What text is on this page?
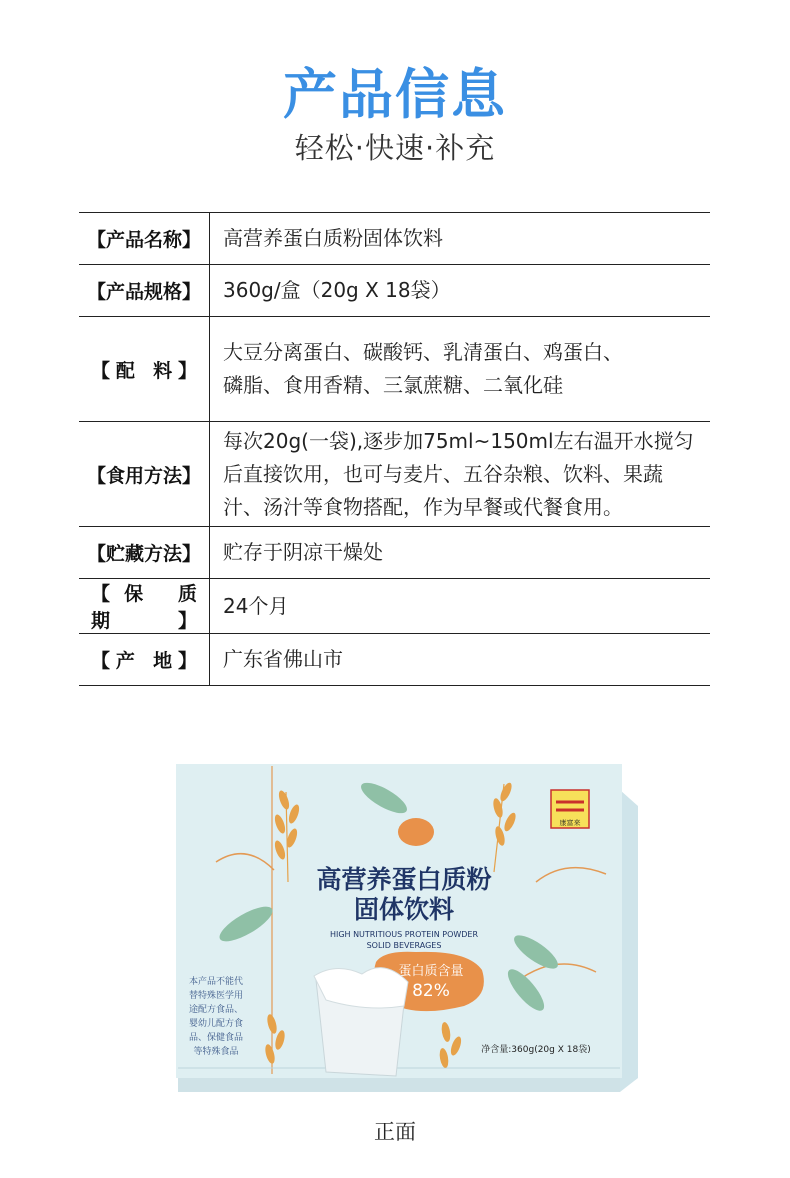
产品信息
轻松·快速·补充
【产品名称】	高营养蛋白质粉固体饮料
【产品规格】	360g/盒（20g X 18袋）
【配 料】	大豆分离蛋白、碳酸钙、乳清蛋白、鸡蛋白、
磷脂、食用香精、三氯蔗糖、二氧化硅

【食用方法】	每次20g(一袋),逐步加75ml~150ml左右温开水搅匀
后直接饮用，也可与麦片、五谷杂粮、饮料、果蔬
汁、汤汁等食物搭配，作为早餐或代餐食用。

【贮藏方法】	贮存于阴凉干燥处
【保 质 期】	24个月
【产 地】	广东省佛山市
康富来
高营养蛋白质粉
固体饮料
HIGH NUTRITIOUS PROTEIN POWDER
SOLID BEVERAGES
蛋白质含量
82%
本产品不能代
替特殊医学用
途配方食品、
婴幼儿配方食
品、保健食品
等特殊食品	净含量:360g(20g X 18袋)
正面
